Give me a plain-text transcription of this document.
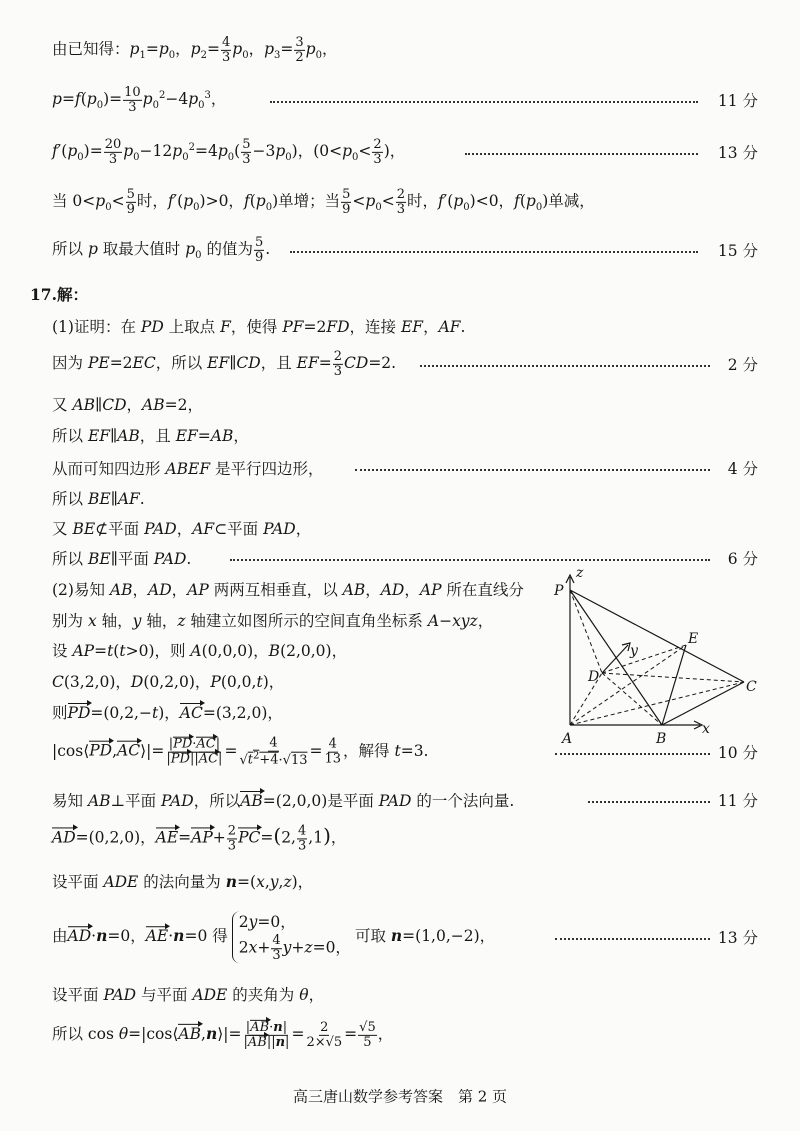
由已知得：$p_1=p_0$，$p_2= \frac{4}{3} p_0$，$p_3= \frac{3}{2} p_0$，
$p=f(p_0)= \frac{10}{3} p_0^2-4p_0^3$，	11 分
$f'(p_0)= \frac{20}{3} p_0-12p_0^2=4p_0( \frac{5}{3} -3p_0)$，($0<p_0< \frac{2}{3}$ )，	13 分
当 $0<p_0< \frac{5}{9}$ 时，$f'(p_0)>0$，$f(p_0)$单增；当 $\frac{5}{9} <p_0< \frac{2}{3}$ 时，$f'(p_0)<0$，$f(p_0)$单减，
所以 p 取最大值时 $p_0$ 的值为 $\frac{5}{9}$ .	15 分
17.解：
(1)证明：在 PD 上取点 F，使得 PF=2FD，连接 EF，AF.
因为 PE=2EC，所以 EF∥CD，且 $EF= \frac{2}{3} CD=2$.	2 分
又 AB∥CD，AB=2，
所以 EF∥AB，且 EF=AB，
从而可知四边形 ABEF 是平行四边形，	4 分
所以 BE∥AF.
又 BE⊄平面 PAD，AF⊂平面 PAD，
所以 BE∥平面 PAD.	6 分
(2)易知 AB，AD，AP 两两互相垂直，以 AB，AD，AP 所在直线分
别为 x 轴，y 轴，z 轴建立如图所示的空间直角坐标系 A−xyz，
设 AP=t(t>0)，则 A(0,0,0)，B(2,0,0)，
C(3,2,0)，D(0,2,0)，P(0,0,t)，
则PD=(0,2,−t)，AC=(3,2,0)，
|cos⟨PD,AC⟩|= $\frac{|PD\cdot AC|}{|PD||AC|} = \frac{4}{√t^2+4\cdot√13} = \frac{4}{13}$ ，解得 t=3.	10 分
易知 AB⊥平面 PAD，所以AB=(2,0,0)是平面 PAD 的一个法向量.	11 分
AD=(0,2,0)，$AE=AP+ \frac{2}{3} PC=(2$, $\frac{4}{3} ,1$)，
设平面 ADE 的法向量为 n=(x,y,z)，
由AD·n=0，AE·n=0 得
2y=0，
$2x+ \frac{4}{3} y+z=0$，
可取 n=(1,0,−2)，	13 分
设平面 PAD 与平面 ADE 的夹角为 θ，
所以 cos θ=|cos⟨AB,n⟩|= $\frac{|AB\cdot n|}{|AB||n|} = \frac{2}{2\times√5} = \frac{√5}{5}$ ，
z
P
y
E
D
C
A	B
x
高三唐山数学参考答案　第 2 页
